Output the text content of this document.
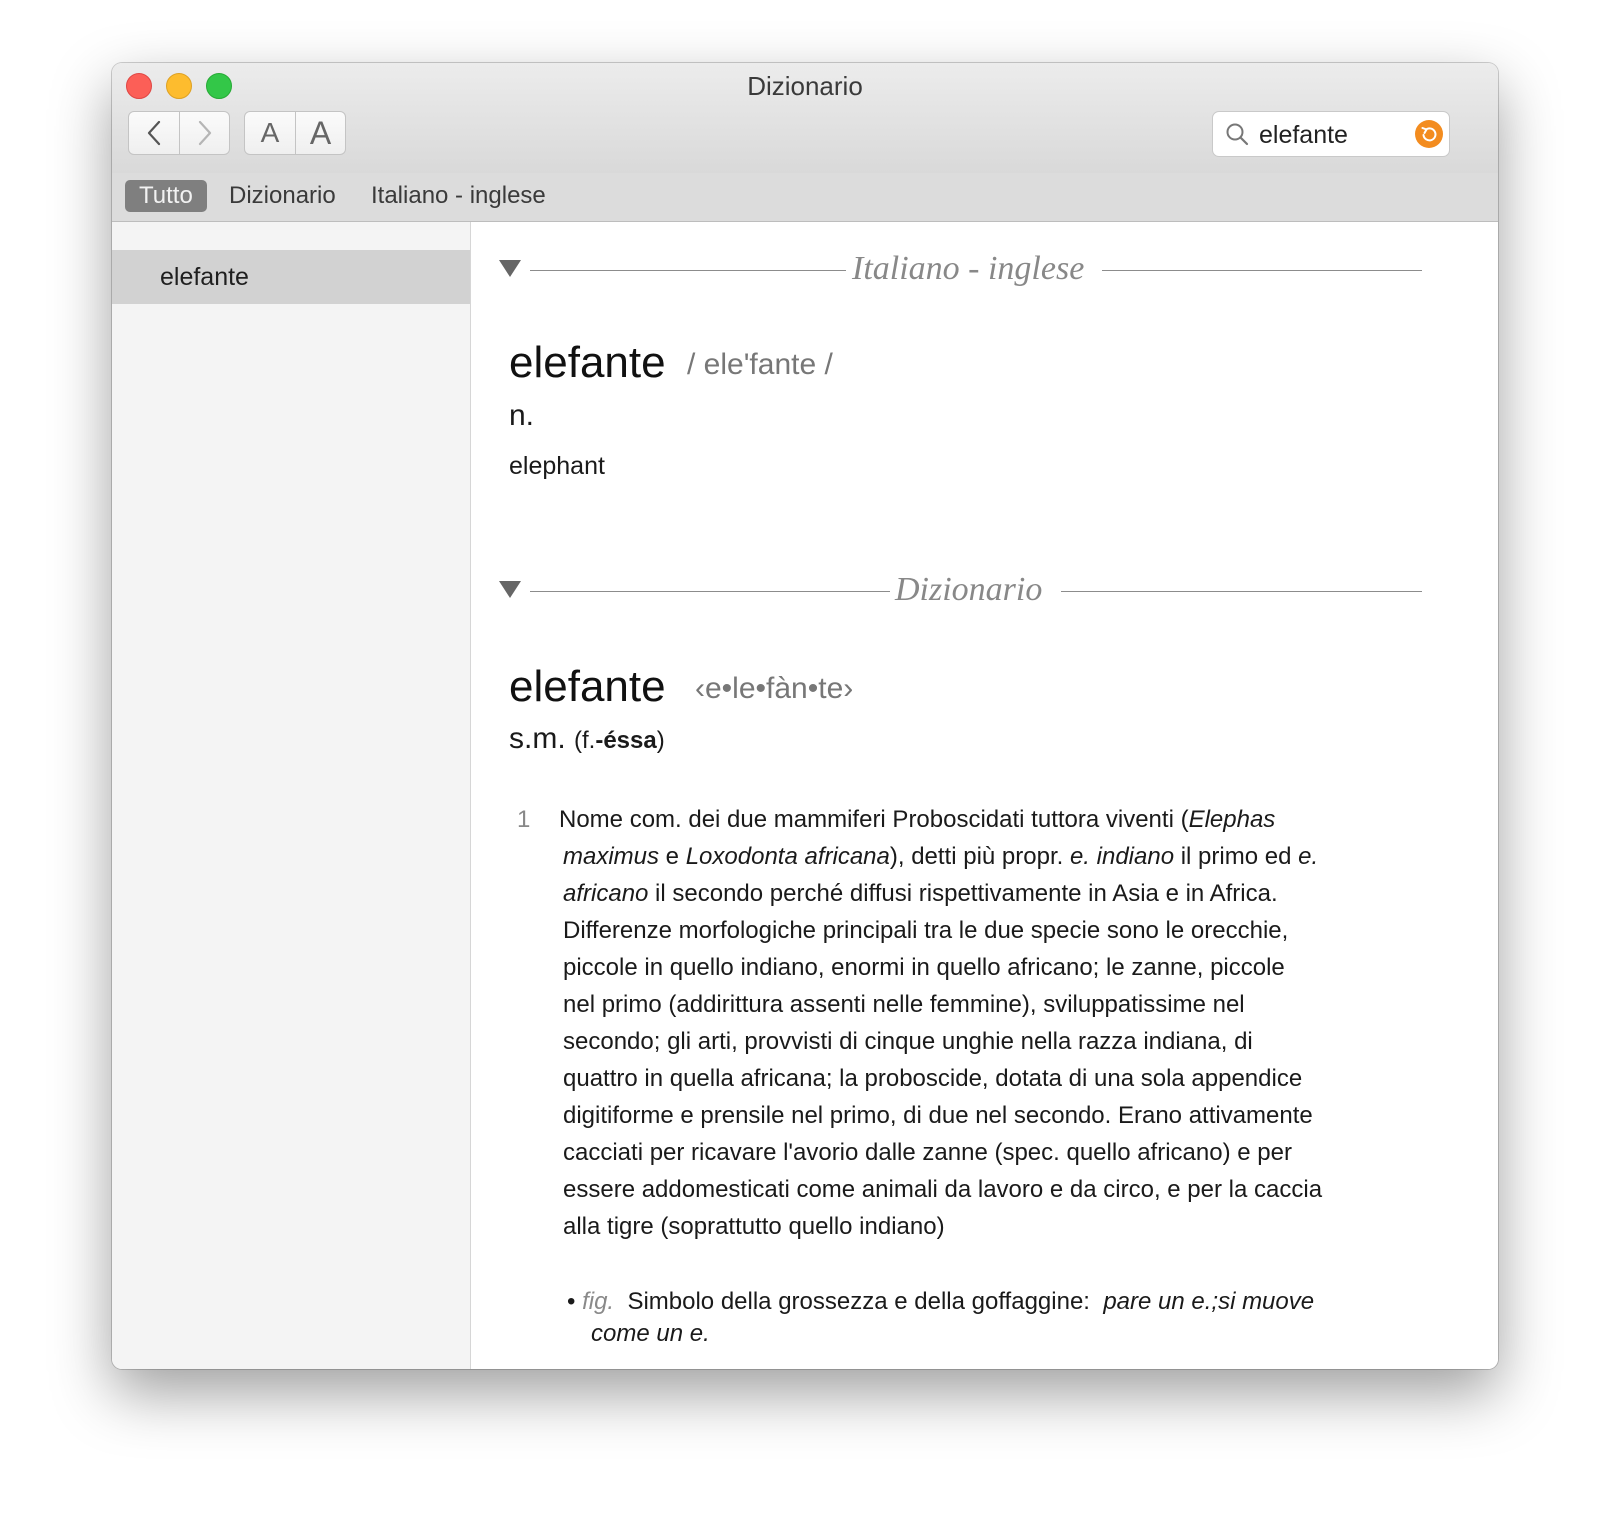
Dizionario
A A	elefante
Tutto	Dizionario	Italiano - inglese
elefante	Italiano - inglese
elefante / ele'fante /
n.
elephant
Dizionario
elefante ‹e•le•fàn•te›
s.m. (f.-éssa)
1 Nome com. dei due mammiferi Proboscidati tuttora viventi (Elephas
maximus e Loxodonta africana), detti più propr. e. indiano il primo ed e.
africano il secondo perché diffusi rispettivamente in Asia e in Africa.
Differenze morfologiche principali tra le due specie sono le orecchie,
piccole in quello indiano, enormi in quello africano; le zanne, piccole
nel primo (addirittura assenti nelle femmine), sviluppatissime nel
secondo; gli arti, provvisti di cinque unghie nella razza indiana, di
quattro in quella africana; la proboscide, dotata di una sola appendice
digitiforme e prensile nel primo, di due nel secondo. Erano attivamente
cacciati per ricavare l'avorio dalle zanne (spec. quello africano) e per
essere addomesticati come animali da lavoro e da circo, e per la caccia
alla tigre (soprattutto quello indiano)
• fig. Simbolo della grossezza e della goffaggine: pare un e.;si muove
come un e.
